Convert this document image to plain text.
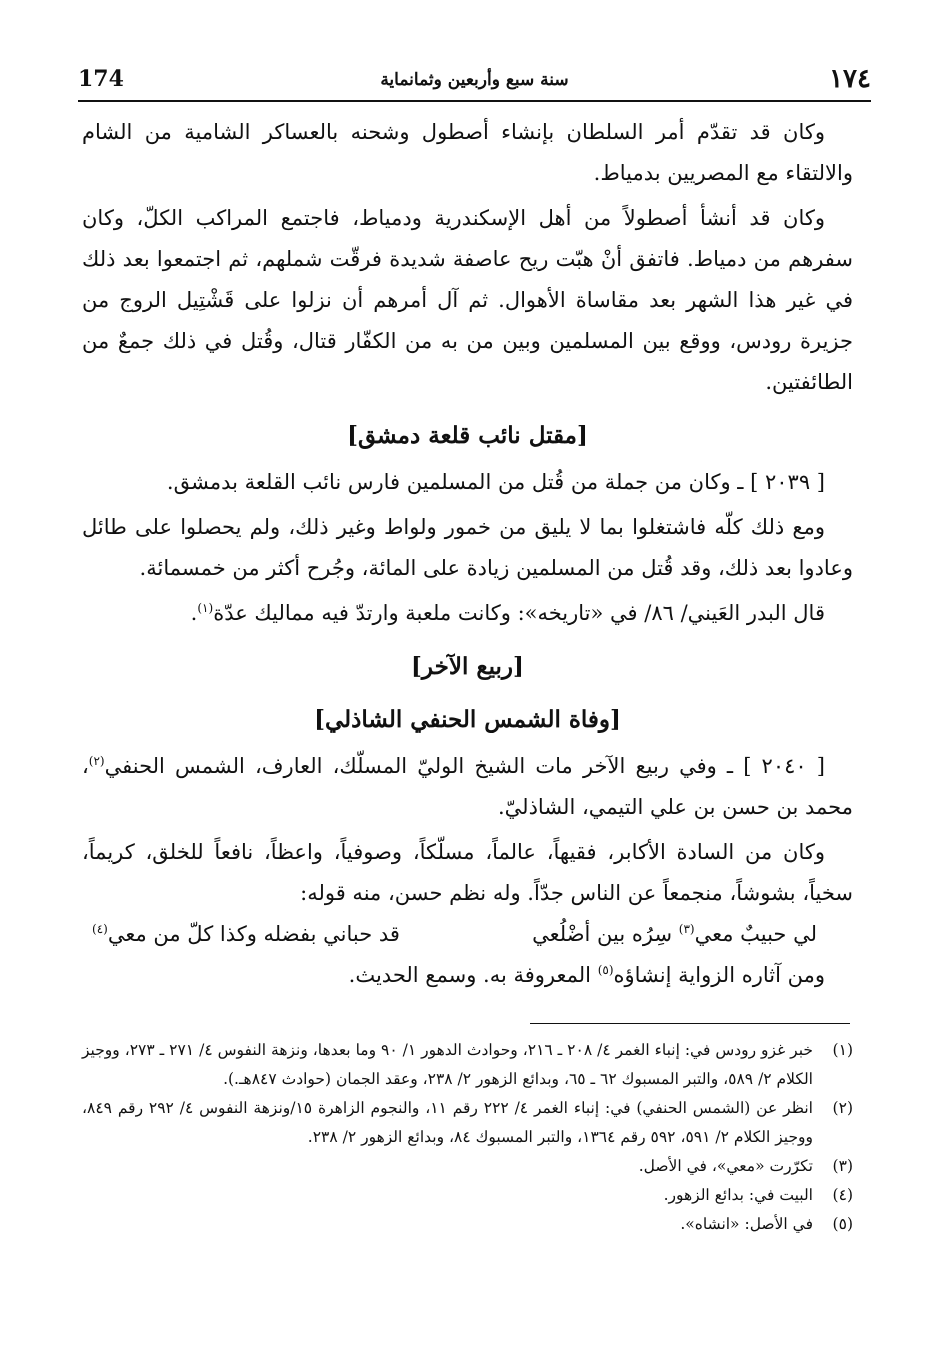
174	سنة سبع وأربعين وثمانماية	١٧٤

وكان قد تقدّم أمر السلطان بإنشاء أصطول وشحنه بالعساكر الشامية من الشام والالتقاء مع المصريين بدمياط.

وكان قد أنشأ أصطولاً من أهل الإسكندرية ودمياط، فاجتمع المراكب الكلّ، وكان سفرهم من دمياط. فاتفق أنْ هبّت ريح عاصفة شديدة فرقّت شملهم، ثم اجتمعوا بعد ذلك في غير هذا الشهر بعد مقاساة الأهوال. ثم آل أمرهم أن نزلوا على قَشْتِيل الروج من جزيرة رودس، ووقع بين المسلمين وبين من به من الكفّار قتال، وقُتل في ذلك جمعٌ من الطائفتين.

[مقتل نائب قلعة دمشق]

[ ٢٠٣٩ ] ـ وكان من جملة من قُتل من المسلمين فارس نائب القلعة بدمشق.

ومع ذلك كلّه فاشتغلوا بما لا يليق من خمور ولواط وغير ذلك، ولم يحصلوا على طائل وعادوا بعد ذلك، وقد قُتل من المسلمين زيادة على المائة، وجُرح أكثر من خمسمائة.

قال البدر العَيني/ ٨٦/ في «تاريخه»: وكانت ملعبة وارتدّ فيه مماليك عدّة$^{(١)}$.

[ربيع الآخر]
[وفاة الشمس الحنفي الشاذلي]

[ ٢٠٤٠ ] ـ وفي ربيع الآخر مات الشيخ الوليّ المسلّك، العارف، الشمس الحنفي$^{(٢)}$، محمد بن حسن بن علي التيمي، الشاذليّ.

وكان من السادة الأكابر، فقيهاً، عالماً، مسلّكاً، وصوفياً، واعظاً، نافعاً للخلق، كريماً، سخياً، بشوشاً، منجمعاً عن الناس جدّاً. وله نظم حسن، منه قوله:

لي حبيبٌ معي$^{(٣)}$ سِرُه بين أضْلُعي
قد حباني بفضله وكذا كلّ من معي$^{(٤)}$

ومن آثاره الزواية إنشاؤه$^{(٥)}$ المعروفة به. وسمع الحديث.

(١)
خبر غزو رودس في: إنباء الغمر ٤/ ٢٠٨ ـ ٢١٦، وحوادث الدهور ١/ ٩٠ وما بعدها، ونزهة النفوس ٤/ ٢٧١ ـ ٢٧٣، ووجيز الكلام ٢/ ٥٨٩، والتبر المسبوك ٦٢ ـ ٦٥، وبدائع الزهور ٢/ ٢٣٨، وعقد الجمان (حوادث ٨٤٧هـ.).
(٢)
انظر عن (الشمس الحنفي) في: إنباء الغمر ٤/ ٢٢٢ رقم ١١، والنجوم الزاهرة ١٥/ونزهة النفوس ٤/ ٢٩٢ رقم ٨٤٩، ووجيز الكلام ٢/ ٥٩١، ٥٩٢ رقم ١٣٦٤، والتبر المسبوك ٨٤، وبدائع الزهور ٢/ ٢٣٨.
(٣)
تكرّرت «معي»، في الأصل.
(٤)
البيت في: بدائع الزهور.
(٥)
في الأصل: «انشاه».
